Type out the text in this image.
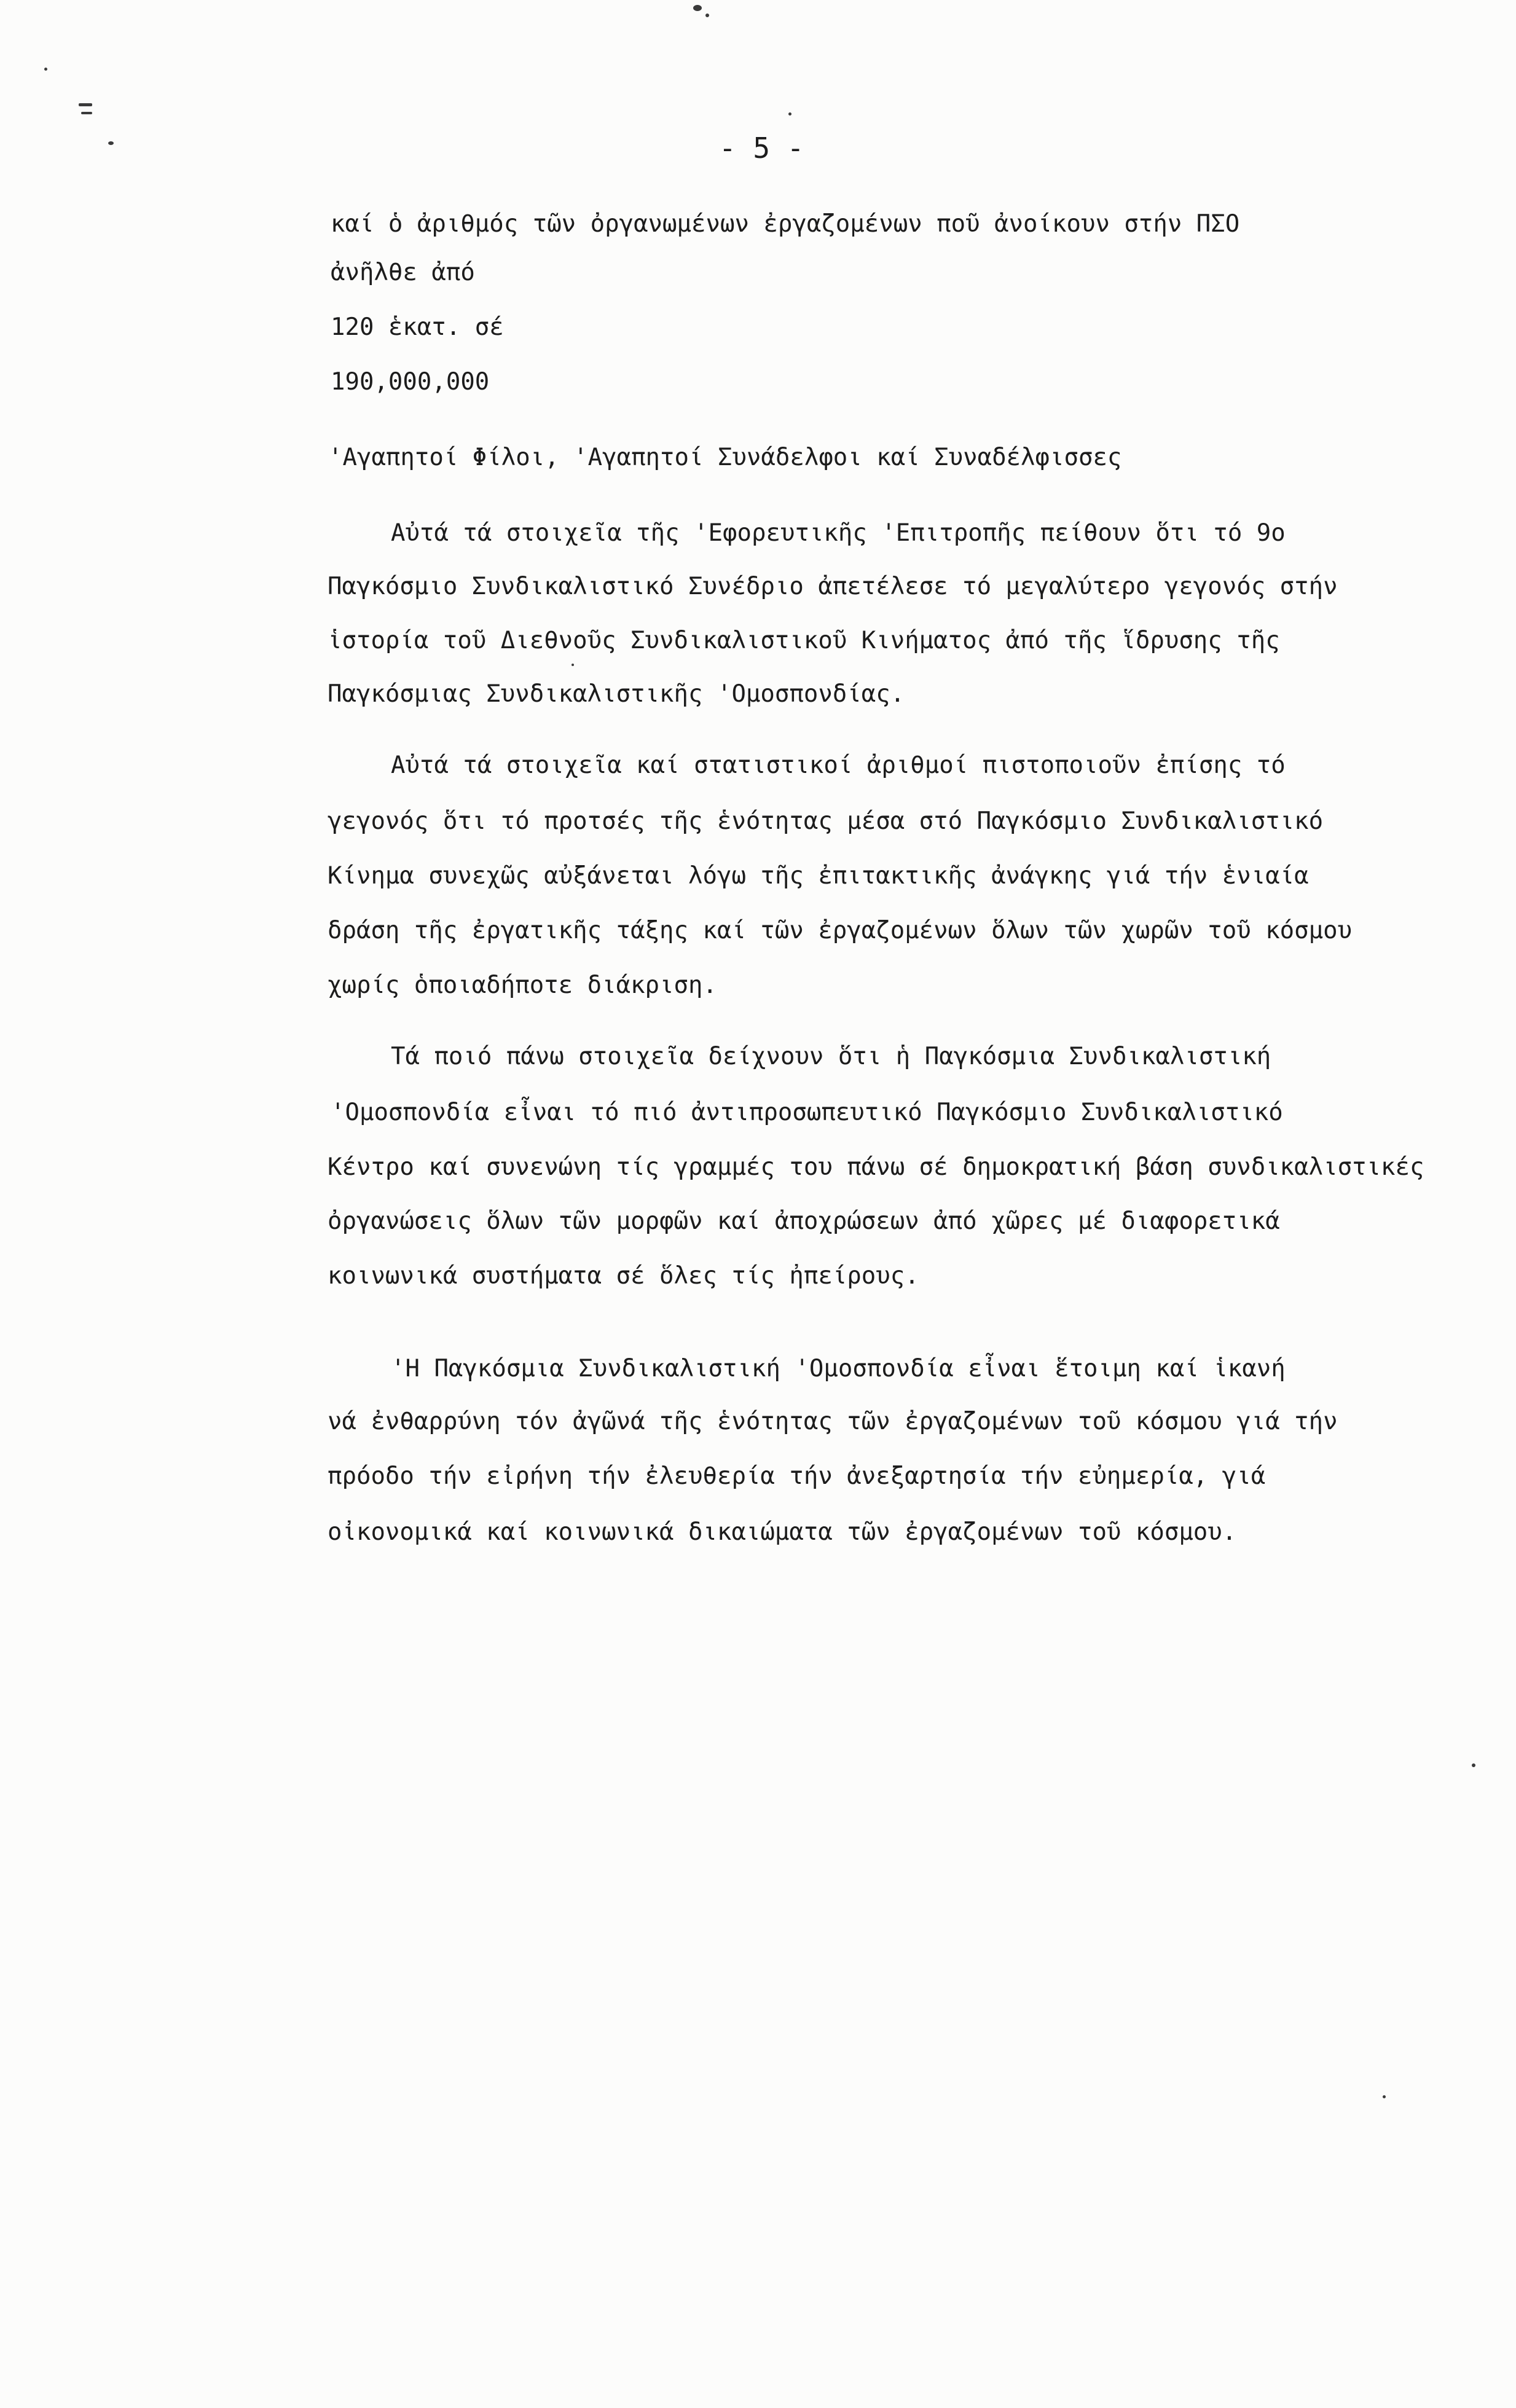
- 5 -
καί ὁ ἀριθμός τῶν ὀργανωμένων ἐργαζομένων ποῦ ἀνοίκουν στήν ΠΣΟ
ἀνῆλθε ἀπό
120 ἑκατ. σέ
190,000,000
'Αγαπητοί Φίλοι, 'Αγαπητοί Συνάδελφοι καί Συναδέλφισσες
Αὐτά τά στοιχεῖα τῆς 'Εφορευτικῆς 'Επιτροπῆς πείθουν ὅτι τό 9ο
Παγκόσμιο Συνδικαλιστικό Συνέδριο ἀπετέλεσε τό μεγαλύτερο γεγονός στήν
ἱστορία τοῦ Διεθνοῦς Συνδικαλιστικοῦ Κινήματος ἀπό τῆς ἵδρυσης τῆς
Παγκόσμιας Συνδικαλιστικῆς 'Ομοσπονδίας.
Αὐτά τά στοιχεῖα καί στατιστικοί ἀριθμοί πιστοποιοῦν ἐπίσης τό
γεγονός ὅτι τό προτσές τῆς ἑνότητας μέσα στό Παγκόσμιο Συνδικαλιστικό
Κίνημα συνεχῶς αὐξάνεται λόγω τῆς ἐπιτακτικῆς ἀνάγκης γιά τήν ἑνιαία
δράση τῆς ἐργατικῆς τάξης καί τῶν ἐργαζομένων ὅλων τῶν χωρῶν τοῦ κόσμου
χωρίς ὁποιαδήποτε διάκριση.
Τά ποιό πάνω στοιχεῖα δείχνουν ὅτι ἡ Παγκόσμια Συνδικαλιστική
'Ομοσπονδία εἶναι τό πιό ἀντιπροσωπευτικό Παγκόσμιο Συνδικαλιστικό
Κέντρο καί συνενώνη τίς γραμμές του πάνω σέ δημοκρατική βάση συνδικαλιστικές
ὀργανώσεις ὅλων τῶν μορφῶν καί ἀποχρώσεων ἀπό χῶρες μέ διαφορετικά
κοινωνικά συστήματα σέ ὅλες τίς ἠπείρους.
'Η Παγκόσμια Συνδικαλιστική 'Ομοσπονδία εἶναι ἕτοιμη καί ἱκανή
νά ἐνθαρρύνη τόν ἀγῶνά τῆς ἑνότητας τῶν ἐργαζομένων τοῦ κόσμου γιά τήν
πρόοδο τήν εἰρήνη τήν ἐλευθερία τήν ἀνεξαρτησία τήν εὐημερία, γιά
οἰκονομικά καί κοινωνικά δικαιώματα τῶν ἐργαζομένων τοῦ κόσμου.
